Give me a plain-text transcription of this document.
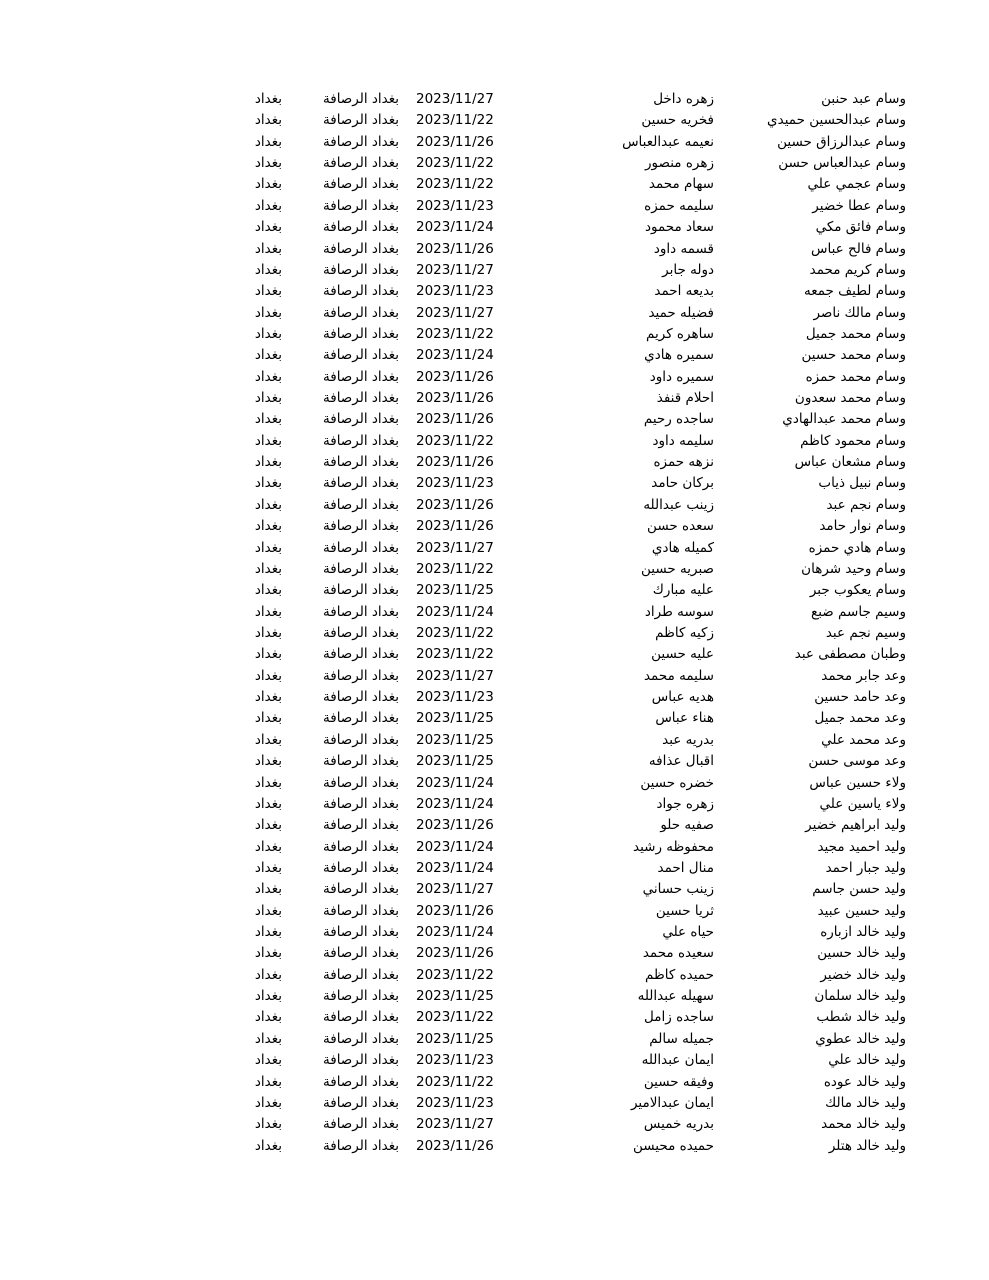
وسام عبد حنبن
زهره داخل
2023/11/27
بغداد الرصافة
بغداد
وسام عبدالحسين حميدي
فخريه حسين
2023/11/22
بغداد الرصافة
بغداد
وسام عبدالرزاق حسين
نعيمه عبدالعباس
2023/11/26
بغداد الرصافة
بغداد
وسام عبدالعباس حسن
زهره منصور
2023/11/22
بغداد الرصافة
بغداد
وسام عجمي علي
سهام محمد
2023/11/22
بغداد الرصافة
بغداد
وسام عطا خضير
سليمه حمزه
2023/11/23
بغداد الرصافة
بغداد
وسام فائق مكي
سعاد محمود
2023/11/24
بغداد الرصافة
بغداد
وسام فالح عباس
قسمه داود
2023/11/26
بغداد الرصافة
بغداد
وسام كريم محمد
دوله جابر
2023/11/27
بغداد الرصافة
بغداد
وسام لطيف جمعه
بديعه احمد
2023/11/23
بغداد الرصافة
بغداد
وسام مالك ناصر
فضيله حميد
2023/11/27
بغداد الرصافة
بغداد
وسام محمد جميل
ساهره كريم
2023/11/22
بغداد الرصافة
بغداد
وسام محمد حسين
سميره هادي
2023/11/24
بغداد الرصافة
بغداد
وسام محمد حمزه
سميره داود
2023/11/26
بغداد الرصافة
بغداد
وسام محمد سعدون
احلام قنفذ
2023/11/26
بغداد الرصافة
بغداد
وسام محمد عبدالهادي
ساجده رحيم
2023/11/26
بغداد الرصافة
بغداد
وسام محمود كاظم
سليمه داود
2023/11/22
بغداد الرصافة
بغداد
وسام مشعان عباس
نزهه حمزه
2023/11/26
بغداد الرصافة
بغداد
وسام نبيل ذياب
بركان حامد
2023/11/23
بغداد الرصافة
بغداد
وسام نجم عبد
زينب عبدالله
2023/11/26
بغداد الرصافة
بغداد
وسام نوار حامد
سعده حسن
2023/11/26
بغداد الرصافة
بغداد
وسام هادي حمزه
كميله هادي
2023/11/27
بغداد الرصافة
بغداد
وسام وحيد شرهان
صبريه حسين
2023/11/22
بغداد الرصافة
بغداد
وسام يعكوب جبر
عليه مبارك
2023/11/25
بغداد الرصافة
بغداد
وسيم جاسم ضبع
سوسه طراد
2023/11/24
بغداد الرصافة
بغداد
وسيم نجم عبد
زكيه كاظم
2023/11/22
بغداد الرصافة
بغداد
وطبان مصطفى عبد
عليه حسين
2023/11/22
بغداد الرصافة
بغداد
وعد جابر محمد
سليمه محمد
2023/11/27
بغداد الرصافة
بغداد
وعد حامد حسين
هديه عباس
2023/11/23
بغداد الرصافة
بغداد
وعد محمد جميل
هناء عباس
2023/11/25
بغداد الرصافة
بغداد
وعد محمد علي
بدريه عبد
2023/11/25
بغداد الرصافة
بغداد
وعد موسى حسن
اقبال عذافه
2023/11/25
بغداد الرصافة
بغداد
ولاء حسين عباس
خضره حسين
2023/11/24
بغداد الرصافة
بغداد
ولاء ياسين علي
زهره جواد
2023/11/24
بغداد الرصافة
بغداد
وليد ابراهيم خضير
صفيه حلو
2023/11/26
بغداد الرصافة
بغداد
وليد احميد مجيد
محفوظه رشيد
2023/11/24
بغداد الرصافة
بغداد
وليد جبار احمد
منال احمد
2023/11/24
بغداد الرصافة
بغداد
وليد حسن جاسم
زينب حساني
2023/11/27
بغداد الرصافة
بغداد
وليد حسين عبيد
ثريا حسين
2023/11/26
بغداد الرصافة
بغداد
وليد خالد ازباره
حياه علي
2023/11/24
بغداد الرصافة
بغداد
وليد خالد حسين
سعيده محمد
2023/11/26
بغداد الرصافة
بغداد
وليد خالد خضير
حميده كاظم
2023/11/22
بغداد الرصافة
بغداد
وليد خالد سلمان
سهيله عبدالله
2023/11/25
بغداد الرصافة
بغداد
وليد خالد شطب
ساجده زامل
2023/11/22
بغداد الرصافة
بغداد
وليد خالد عطوي
جميله سالم
2023/11/25
بغداد الرصافة
بغداد
وليد خالد علي
ايمان عبدالله
2023/11/23
بغداد الرصافة
بغداد
وليد خالد عوده
وفيقه حسين
2023/11/22
بغداد الرصافة
بغداد
وليد خالد مالك
ايمان عبدالامير
2023/11/23
بغداد الرصافة
بغداد
وليد خالد محمد
بدريه خميس
2023/11/27
بغداد الرصافة
بغداد
وليد خالد هتلر
حميده محيسن
2023/11/26
بغداد الرصافة
بغداد
